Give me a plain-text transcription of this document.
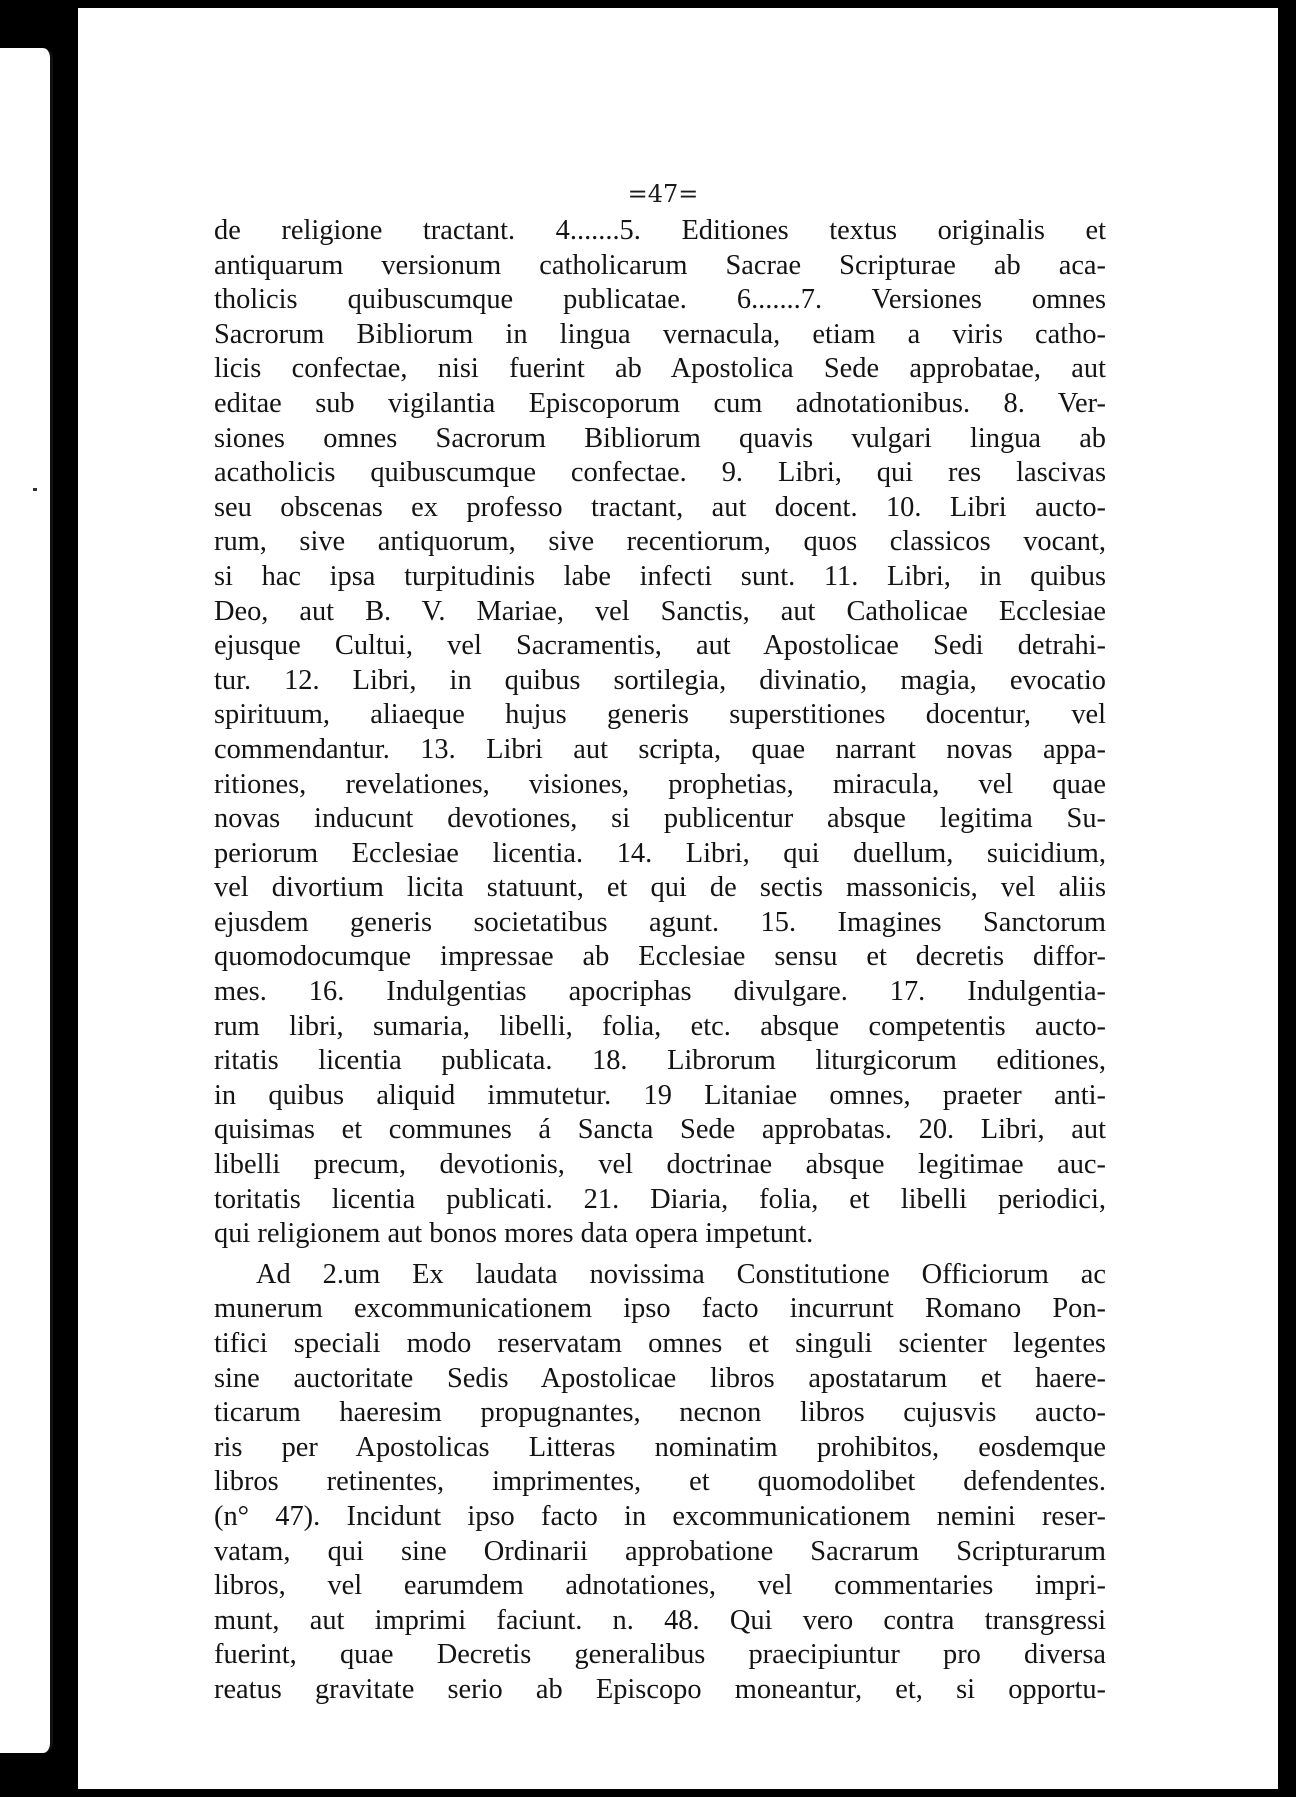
=47=
de religione tractant. 4.......5. Editiones textus originalis et
antiquarum versionum catholicarum Sacrae Scripturae ab aca-
tholicis quibuscumque publicatae. 6.......7. Versiones omnes
Sacrorum Bibliorum in lingua vernacula, etiam a viris catho-
licis confectae, nisi fuerint ab Apostolica Sede approbatae, aut
editae sub vigilantia Episcoporum cum adnotationibus. 8. Ver-
siones omnes Sacrorum Bibliorum quavis vulgari lingua ab
acatholicis quibuscumque confectae. 9. Libri, qui res lascivas
seu obscenas ex professo tractant, aut docent. 10. Libri aucto-
rum, sive antiquorum, sive recentiorum, quos classicos vocant,
si hac ipsa turpitudinis labe infecti sunt. 11. Libri, in quibus
Deo, aut B. V. Mariae, vel Sanctis, aut Catholicae Ecclesiae
ejusque Cultui, vel Sacramentis, aut Apostolicae Sedi detrahi-
tur. 12. Libri, in quibus sortilegia, divinatio, magia, evocatio
spirituum, aliaeque hujus generis superstitiones docentur, vel
commendantur. 13. Libri aut scripta, quae narrant novas appa-
ritiones, revelationes, visiones, prophetias, miracula, vel quae
novas inducunt devotiones, si publicentur absque legitima Su-
periorum Ecclesiae licentia. 14. Libri, qui duellum, suicidium,
vel divortium licita statuunt, et qui de sectis massonicis, vel aliis
ejusdem generis societatibus agunt. 15. Imagines Sanctorum
quomodocumque impressae ab Ecclesiae sensu et decretis diffor-
mes. 16. Indulgentias apocriphas divulgare. 17. Indulgentia-
rum libri, sumaria, libelli, folia, etc. absque competentis aucto-
ritatis licentia publicata. 18. Librorum liturgicorum editiones,
in quibus aliquid immutetur. 19 Litaniae omnes, praeter anti-
quisimas et communes á Sancta Sede approbatas. 20. Libri, aut
libelli precum, devotionis, vel doctrinae absque legitimae auc-
toritatis licentia publicati. 21. Diaria, folia, et libelli periodici,
qui religionem aut bonos mores data opera impetunt.
Ad 2.um Ex laudata novissima Constitutione Officiorum ac
munerum excommunicationem ipso facto incurrunt Romano Pon-
tifici speciali modo reservatam omnes et singuli scienter legentes
sine auctoritate Sedis Apostolicae libros apostatarum et haere-
ticarum haeresim propugnantes, necnon libros cujusvis aucto-
ris per Apostolicas Litteras nominatim prohibitos, eosdemque
libros retinentes, imprimentes, et quomodolibet defendentes.
(n° 47). Incidunt ipso facto in excommunicationem nemini reser-
vatam, qui sine Ordinarii approbatione Sacrarum Scripturarum
libros, vel earumdem adnotationes, vel commentaries impri-
munt, aut imprimi faciunt. n. 48. Qui vero contra transgressi
fuerint, quae Decretis generalibus praecipiuntur pro diversa
reatus gravitate serio ab Episcopo moneantur, et, si opportu-
